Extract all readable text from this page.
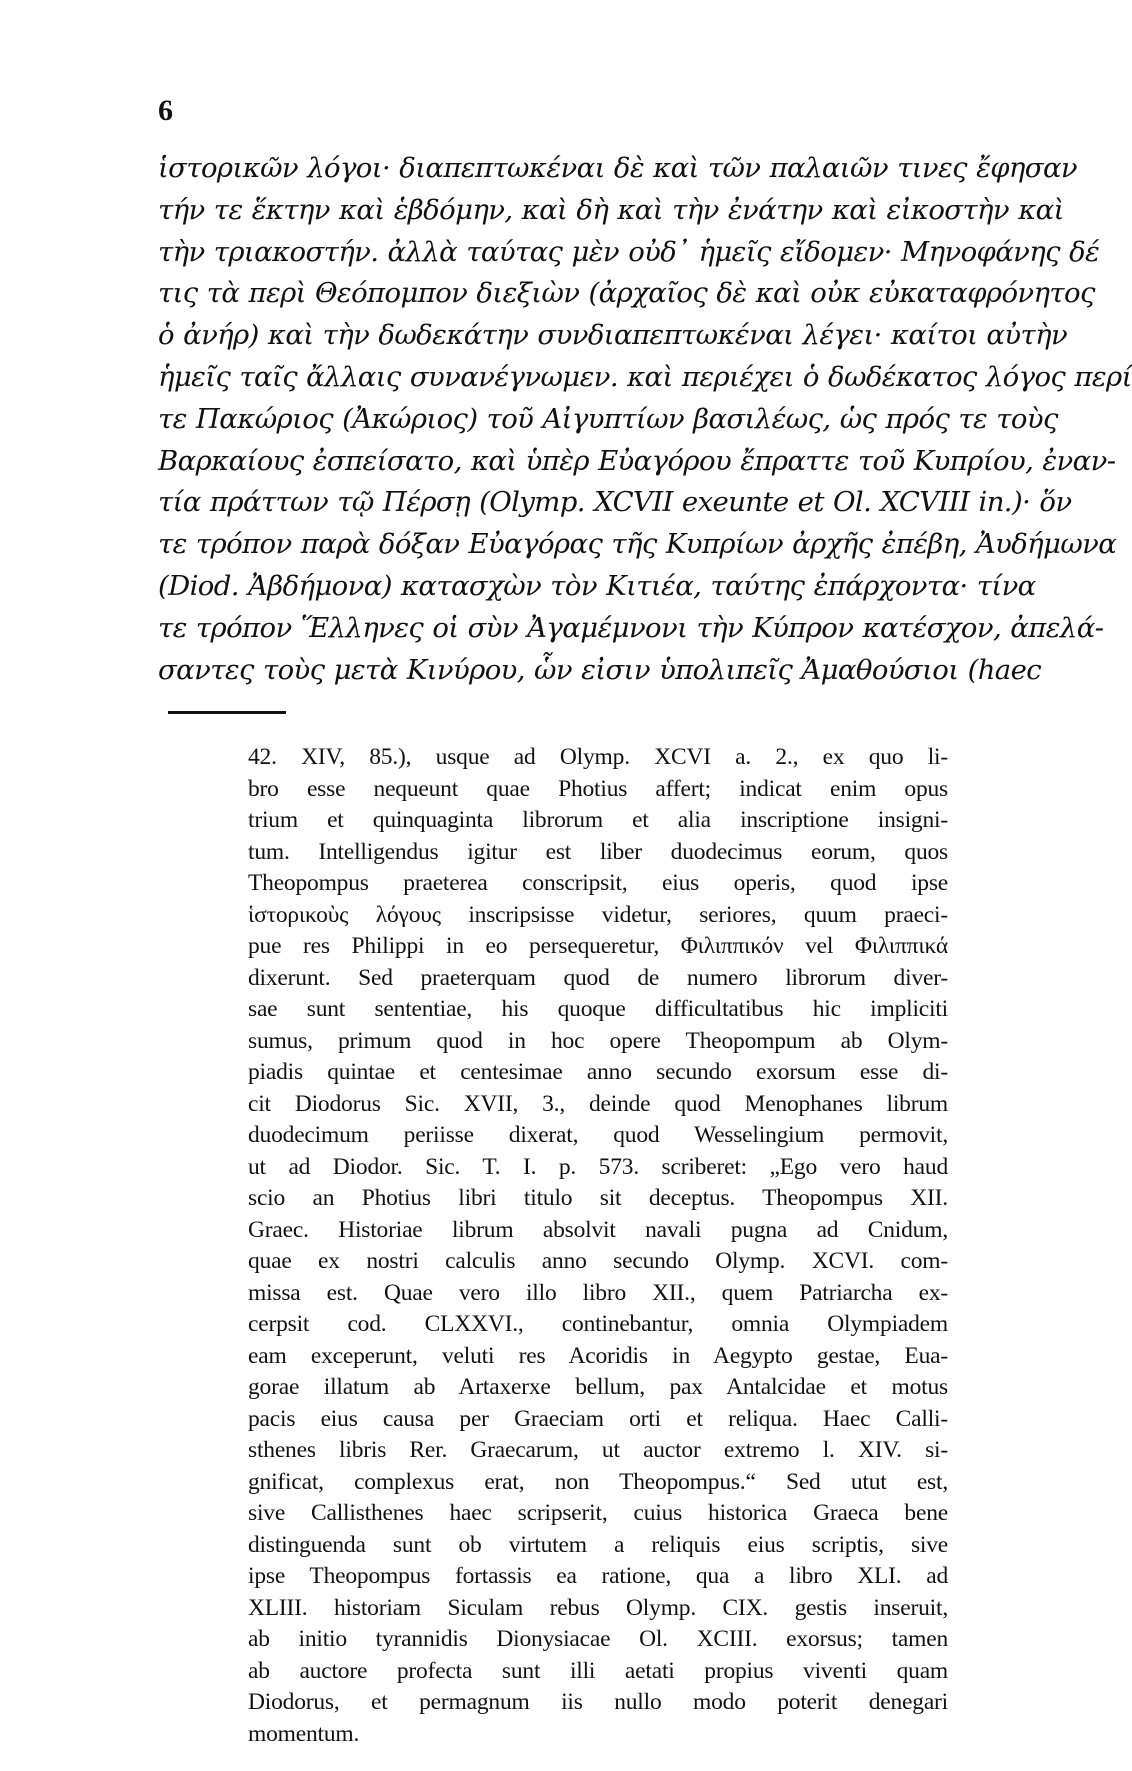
6
ἱστορικῶν λόγοι· διαπεπτωκέναι δὲ καὶ τῶν παλαιῶν τινες ἔφησαν
τήν τε ἕκτην καὶ ἑβδόμην, καὶ δὴ καὶ τὴν ἐνάτην καὶ εἰκοστὴν καὶ
τὴν τριακοστήν. ἀλλὰ ταύτας μὲν οὐδ᾿ ἡμεῖς εἴδομεν· Μηνοφάνης δέ
τις τὰ περὶ Θεόπομπον διεξιὼν (ἀρχαῖος δὲ καὶ οὐκ εὐκαταφρόνητος
ὁ ἀνήρ) καὶ τὴν δωδεκάτην συνδιαπεπτωκέναι λέγει· καίτοι αὐτὴν
ἡμεῖς ταῖς ἄλλαις συνανέγνωμεν. καὶ περιέχει ὁ δωδέκατος λόγος περί
τε Πακώριος (Ἀκώριος) τοῦ Αἰγυπτίων βασιλέως, ὡς πρός τε τοὺς
Βαρκαίους ἐσπείσατο, καὶ ὑπὲρ Εὐαγόρου ἔπραττε τοῦ Κυπρίου, ἐναν-
τία πράττων τῷ Πέρσῃ (Olymp. XCVII exeunte et Ol. XCVIII in.)· ὅν
τε τρόπον παρὰ δόξαν Εὐαγόρας τῆς Κυπρίων ἀρχῆς ἐπέβη, Ἀυδήμωνα
(Diod. Ἀβδήμονα) κατασχὼν τὸν Κιτιέα, ταύτης ἐπάρχοντα· τίνα
τε τρόπον Ἕλληνες οἱ σὺν Ἀγαμέμνονι τὴν Κύπρον κατέσχον, ἀπελά-
σαντες τοὺς μετὰ Κινύρου, ὧν εἰσιν ὑπολιπεῖς Ἀμαθούσιοι (haec
42. XIV, 85.), usque ad Olymp. XCVI a. 2., ex quo li-
bro esse nequeunt quae Photius affert; indicat enim opus
trium et quinquaginta librorum et alia inscriptione insigni-
tum. Intelligendus igitur est liber duodecimus eorum, quos
Theopompus praeterea conscripsit, eius operis, quod ipse
ἱστορικοὺς λόγους inscripsisse videtur, seriores, quum praeci-
pue res Philippi in eo persequeretur, Φιλιππικόν vel Φιλιππικά
dixerunt. Sed praeterquam quod de numero librorum diver-
sae sunt sententiae, his quoque difficultatibus hic impliciti
sumus, primum quod in hoc opere Theopompum ab Olym-
piadis quintae et centesimae anno secundo exorsum esse di-
cit Diodorus Sic. XVII, 3., deinde quod Menophanes librum
duodecimum periisse dixerat, quod Wesselingium permovit,
ut ad Diodor. Sic. T. I. p. 573. scriberet: „Ego vero haud
scio an Photius libri titulo sit deceptus. Theopompus XII.
Graec. Historiae librum absolvit navali pugna ad Cnidum,
quae ex nostri calculis anno secundo Olymp. XCVI. com-
missa est. Quae vero illo libro XII., quem Patriarcha ex-
cerpsit cod. CLXXVI., continebantur, omnia Olympiadem
eam exceperunt, veluti res Acoridis in Aegypto gestae, Eua-
gorae illatum ab Artaxerxe bellum, pax Antalcidae et motus
pacis eius causa per Graeciam orti et reliqua. Haec Calli-
sthenes libris Rer. Graecarum, ut auctor extremo l. XIV. si-
gnificat, complexus erat, non Theopompus.“ Sed utut est,
sive Callisthenes haec scripserit, cuius historica Graeca bene
distinguenda sunt ob virtutem a reliquis eius scriptis, sive
ipse Theopompus fortassis ea ratione, qua a libro XLI. ad
XLIII. historiam Siculam rebus Olymp. CIX. gestis inseruit,
ab initio tyrannidis Dionysiacae Ol. XCIII. exorsus; tamen
ab auctore profecta sunt illi aetati propius viventi quam
Diodorus, et permagnum iis nullo modo poterit denegari
momentum.
